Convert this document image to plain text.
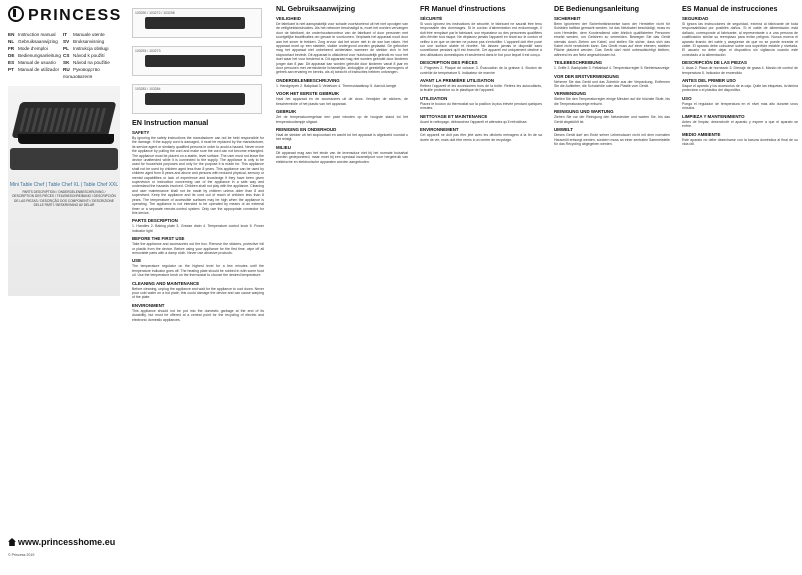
PRINCESS
EN Instruction manual	IT Manuale utente
NL Gebruiksaanwijzing	SV Bruksanvisning
FR Mode d'emploi	PL Instrukcja obsługi
DE Bedienungsanleitung CS Návod k použití
ES Manual de usuario	SK Návod na použitie
PT Manual de utilizador RU Руководство пользователя
Mini Table Chef | Table Chef XL | Table Chef XXL
PARTS DESCRIPTION / ONDERDELENBESCHRIJVING / DESCRIPTION DES PIÈCES / TEILEBESCHREIBUNG / DESCRIPCIÓN DE LAS PIEZAS / DESCRIÇÃO DOS COMPONENTI / DESCRIZIONE DELLE PARTI / BESKRIVNING AV DELAR
www.princesshome.eu
© Princess 2019
103290 / 103272 / 103298
103293 / 103273
103283 / 103284
EN Instruction manual
SAFETY

By ignoring the safety instructions the manufacturer can not be held responsible for the damage. If the supply cord is damaged, it must be replaced by the manufacturer, its service agent or similarly qualified persons in order to avoid a hazard. Never move the appliance by pulling the cord and make sure the cord can not become entangled. The appliance must be placed on a stable, level surface. The user must not leave the device unattended while it is connected to the supply. The appliance is only to be used for household purposes and only for the purpose it is made for. This appliance shall not be used by children aged less than 8 years. This appliance can be used by children aged from 8 years and above and persons with reduced physical, sensory or mental capabilities or lack of experience and knowledge if they have been given supervision or instruction concerning use of the appliance in a safe way and understand the hazards involved. Children shall not play with the appliance. Cleaning and user maintenance shall not be made by children unless older than 8 and supervised. Keep the appliance and its cord out of reach of children less than 8 years. The temperature of accessible surfaces may be high when the appliance is operating. The appliance is not intended to be operated by means of an external timer or a separate remote-control system. Only use the appropriate connector for this device.

PARTS DESCRIPTION

1. Handles 2. Baking plate 3. Grease drain 4. Temperature control knob 5. Power indicator light

BEFORE THE FIRST USE

Take the appliance and accessories out the box. Remove the stickers, protective foil or plastic from the device. Before using your appliance for the first time, wipe off all removable parts with a damp cloth. Never use abrasive products.

USE

The temperature regulator on the highest level for a few minutes until the temperature indicator goes off. The heating plate should be rubbed in with some food oil. Use the temperature knob on the thermostat to choose the desired temperature.

CLEANING AND MAINTENANCE

Before cleaning, unplug the appliance and wait for the appliance to cool down. Never pour cold water on a hot plate, this could damage the device and can cause warping of the plate.

ENVIRONMENT

This appliance should not be put into the domestic garbage at the end of its durability, but must be offered at a central point for the recycling of electric and electronic domestic appliances.

NL Gebruiksaanwijzing
VEILIGHEID

De fabrikant is niet aansprakelijk voor schade voortvloeiend uit het niet opvolgen van de veiligheidsinstructies. Als het netsnoer beschadigd is, moet het worden vervangen door de fabrikant, de onderhoudsmonteur van de fabrikant of door personen met soortgelijke kwalificaties om gevaar te voorkomen. Verplaats het apparaat nooit door aan het snoer te trekken. Zorg ervoor dat het snoer niet in de war kan raken. Het apparaat moet op een stabiele, vlakke ondergrond worden geplaatst. De gebruiker mag het apparaat niet onbeheerd achterlaten wanneer de stekker zich in het stopcontact bevindt. Dit apparaat is uitsluitend voor huishoudelijk gebruik en voor het doel waar het voor bestemd is. Dit apparaat mag niet worden gebruikt door kinderen jonger dan 8 jaar. Dit apparaat kan worden gebruikt door kinderen vanaf 8 jaar en door personen met verminderde lichamelijke, zintuiglijke of geestelijke vermogens of gebrek aan ervaring en kennis, als zij toezicht of instructies hebben ontvangen.

ONDERDELENBESCHRIJVING

1. Handgrepen 2. Bakplaat 3. Vetafvoer 4. Thermostaatknop 5. Aan/uit-lampje

VOOR HET EERSTE GEBRUIK

Haal het apparaat en de accessoires uit de doos. Verwijder de stickers, de beschermfolie of het plastic van het apparaat.

GEBRUIK

Zet de temperatuurregelaar een paar minuten op de hoogste stand tot het temperatuurlampje uitgaat.

REINIGING EN ONDERHOUD

Haal de stekker uit het stopcontact en wacht tot het apparaat is afgekoeld voordat u het reinigt.

MILIEU

Dit apparaat mag aan het einde van de levensduur niet bij het normale huisafval worden gedeponeerd, maar moet bij een speciaal inzamelpunt voor hergebruik van elektrische en elektronische apparaten worden aangeboden.

FR Manuel d'instructions
SÉCURITÉ

Si vous ignorez les instructions de sécurité, le fabricant ne saurait être tenu responsable des dommages. Si le cordon d'alimentation est endommagé, il doit être remplacé par le fabricant, son réparateur ou des personnes qualifiées afin d'éviter tout risque. Ne déplacez jamais l'appareil en tirant sur le cordon et veillez à ce que ce dernier ne puisse pas s'entortiller. L'appareil doit être posé sur une surface stable et nivelée. Ne laissez jamais le dispositif sans surveillance pendant qu'il est branché. Cet appareil est uniquement destiné à des utilisations domestiques et seulement dans le but pour lequel il est conçu.

DESCRIPTION DES PIÈCES

1. Poignées 2. Plaque de cuisson 3. Évacuation de la graisse 4. Bouton de contrôle de température 5. Indicateur de marche

AVANT LA PREMIÈRE UTILISATION

Retirez l'appareil et les accessoires hors de la boîte. Retirez les autocollants, la feuille protectrice ou le plastique de l'appareil.

UTILISATION

Placez le bouton du thermostat sur la position la plus élevée pendant quelques minutes.

NETTOYAGE ET MAINTENANCE

Avant le nettoyage, débranchez l'appareil et attendez qu'il refroidisse.

ENVIRONNEMENT

Cet appareil ne doit pas être jeté avec les déchets ménagers à la fin de sa durée de vie, mais doit être remis à un centre de recyclage.

DE Bedienungsanleitung
SICHERHEIT

Beim Ignorieren der Sicherheitshinweise kann der Hersteller nicht für Schäden haftbar gemacht werden. Ist das Netzkabel beschädigt, muss es vom Hersteller, dem Kundendienst oder ähnlich qualifizierten Personen ersetzt werden, um Gefahren zu vermeiden. Bewegen Sie das Gerät niemals durch Ziehen am Kabel, und stellen Sie sicher, dass sich das Kabel nicht verwickeln kann. Das Gerät muss auf einer ebenen, stabilen Fläche platziert werden. Das Gerät darf nicht unbeaufsichtigt bleiben, während es am Netz angeschlossen ist.

TEILEBESCHREIBUNG

1. Griffe 2. Backplatte 3. Fettablauf 4. Temperaturregler 5. Betriebsanzeige

VOR DER ERSTVERWENDUNG

Nehmen Sie das Gerät und das Zubehör aus der Verpackung. Entfernen Sie die Aufkleber, die Schutzfolie oder das Plastik vom Gerät.

VERWENDUNG

Stellen Sie den Temperaturregler einige Minuten auf die höchste Stufe, bis die Temperaturanzeige erlischt.

REINIGUNG UND WARTUNG

Ziehen Sie vor der Reinigung den Netzstecker und warten Sie, bis das Gerät abgekühlt ist.

UMWELT

Dieses Gerät darf am Ende seiner Lebensdauer nicht mit dem normalen Hausmüll entsorgt werden, sondern muss an einer zentralen Sammelstelle für das Recycling abgegeben werden.

ES Manual de instrucciones
SEGURIDAD

Si ignora las instrucciones de seguridad, exímirá al fabricante de toda responsabilidad por posibles daños. Si el cable de alimentación está dañado, corresponde al fabricante, al representante o a una persona de cualificación similar su reemplazo para evitar peligros. Nunca mueva el aparato tirando del cable y asegúrese de que no se puede enredar el cable. El aparato debe colocarse sobre una superficie estable y nivelada. El usuario no debe dejar el dispositivo sin vigilancia cuando esté conectado a la alimentación.

DESCRIPCIÓN DE LAS PIEZAS

1. Asas 2. Placa de horneado 3. Drenaje de grasa 4. Mando de control de temperatura 5. Indicador de encendido

ANTES DEL PRIMER USO

Saque el aparato y los accesorios de la caja. Quite las etiquetas, la lámina protectora o el plástico del dispositivo.

USO

Ponga el regulador de temperatura en el nivel más alto durante unos minutos.

LIMPIEZA Y MANTENIMIENTO

Antes de limpiar, desenchufe el aparato y espere a que el aparato se enfríe.

MEDIO AMBIENTE

Este aparato no debe desecharse con la basura doméstica al final de su vida útil.
